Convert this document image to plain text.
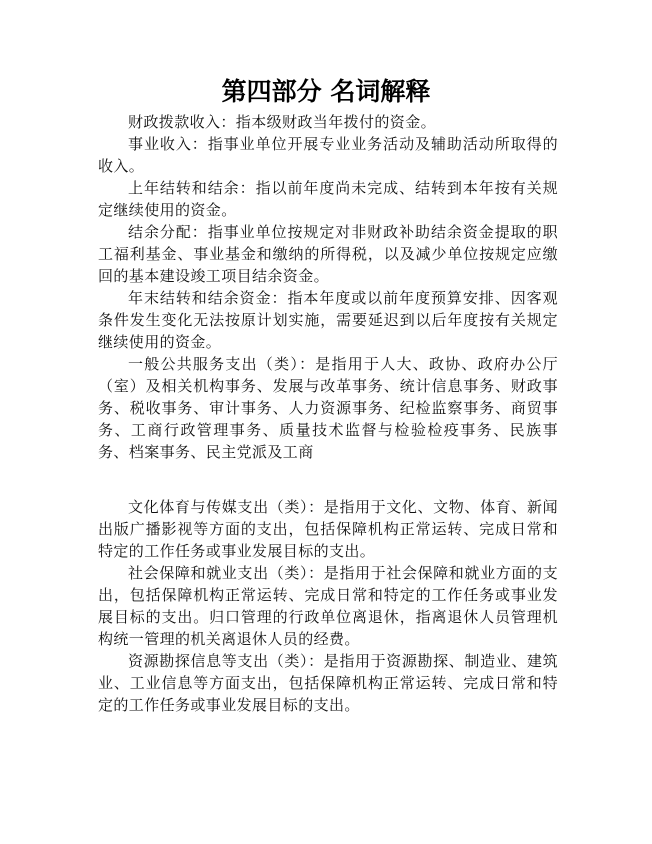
第四部分 名词解释

财政拨款收入：指本级财政当年拨付的资金。

事业收入：指事业单位开展专业业务活动及辅助活动所取得的收入。

上年结转和结余：指以前年度尚未完成、结转到本年按有关规定继续使用的资金。

结余分配：指事业单位按规定对非财政补助结余资金提取的职工福利基金、事业基金和缴纳的所得税，以及减少单位按规定应缴回的基本建设竣工项目结余资金。

年末结转和结余资金：指本年度或以前年度预算安排、因客观条件发生变化无法按原计划实施，需要延迟到以后年度按有关规定继续使用的资金。

一般公共服务支出（类）：是指用于人大、政协、政府办公厅（室）及相关机构事务、发展与改革事务、统计信息事务、财政事务、税收事务、审计事务、人力资源事务、纪检监察事务、商贸事务、工商行政管理事务、质量技术监督与检验检疫事务、民族事务、档案事务、民主党派及工商

文化体育与传媒支出（类）：是指用于文化、文物、体育、新闻出版广播影视等方面的支出，包括保障机构正常运转、完成日常和特定的工作任务或事业发展目标的支出。

社会保障和就业支出（类）：是指用于社会保障和就业方面的支出，包括保障机构正常运转、完成日常和特定的工作任务或事业发展目标的支出。归口管理的行政单位离退休，指离退休人员管理机构统一管理的机关离退休人员的经费。

资源勘探信息等支出（类）：是指用于资源勘探、制造业、建筑业、工业信息等方面支出，包括保障机构正常运转、完成日常和特定的工作任务或事业发展目标的支出。
